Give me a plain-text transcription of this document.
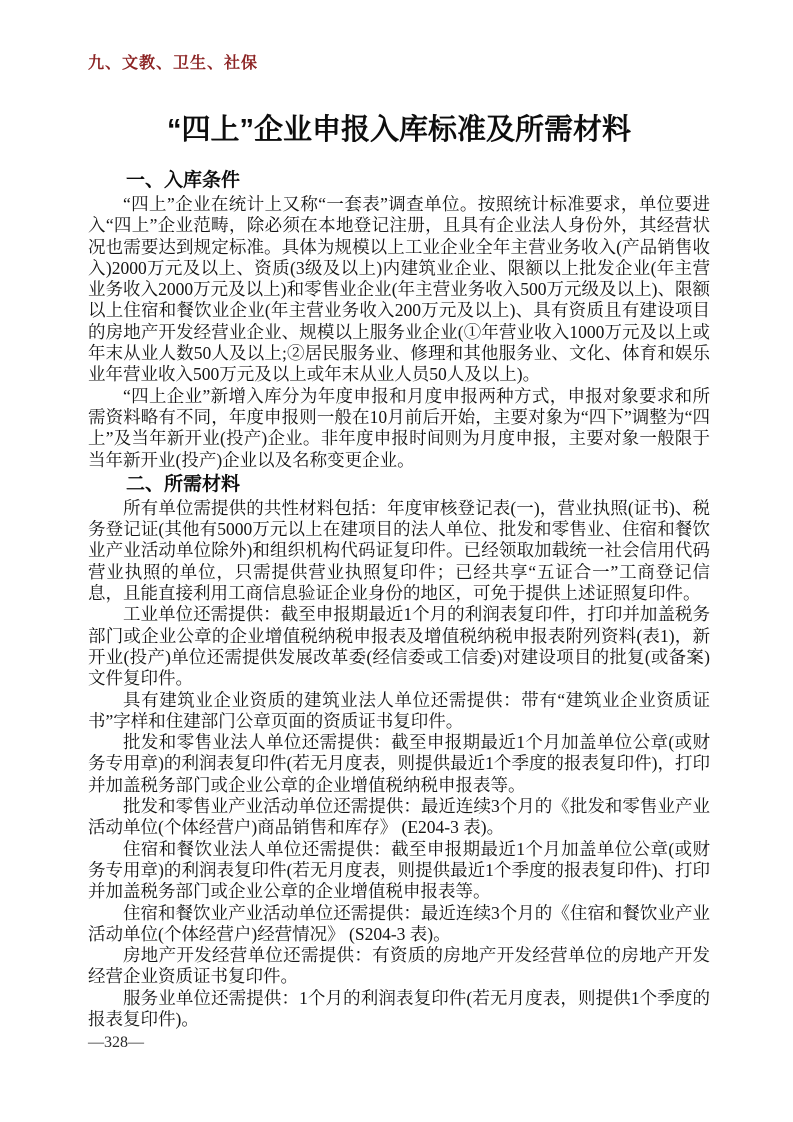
九、文教、卫生、社保
“四上”企业申报入库标准及所需材料
一、入库条件

“四上”企业在统计上又称“一套表”调查单位。按照统计标准要求，单位要进入“四上”企业范畴，除必须在本地登记注册，且具有企业法人身份外，其经营状况也需要达到规定标准。具体为规模以上工业企业全年主营业务收入(产品销售收入)2000万元及以上、资质(3级及以上)内建筑业企业、限额以上批发企业(年主营业务收入2000万元及以上)和零售业企业(年主营业务收入500万元级及以上)、限额以上住宿和餐饮业企业(年主营业务收入200万元及以上)、具有资质且有建设项目的房地产开发经营业企业、规模以上服务业企业(①年营业收入1000万元及以上或年末从业人数50人及以上;②居民服务业、修理和其他服务业、文化、体育和娱乐业年营业收入500万元及以上或年末从业人员50人及以上)。

“四上企业”新增入库分为年度申报和月度申报两种方式，申报对象要求和所需资料略有不同，年度申报则一般在10月前后开始，主要对象为“四下”调整为“四上”及当年新开业(投产)企业。非年度申报时间则为月度申报，主要对象一般限于当年新开业(投产)企业以及名称变更企业。

二、所需材料

所有单位需提供的共性材料包括：年度审核登记表(一)，营业执照(证书)、税务登记证(其他有5000万元以上在建项目的法人单位、批发和零售业、住宿和餐饮业产业活动单位除外)和组织机构代码证复印件。已经领取加载统一社会信用代码营业执照的单位，只需提供营业执照复印件；已经共享“五证合一”工商登记信息，且能直接利用工商信息验证企业身份的地区，可免于提供上述证照复印件。

工业单位还需提供：截至申报期最近1个月的利润表复印件，打印并加盖税务部门或企业公章的企业增值税纳税申报表及增值税纳税申报表附列资料(表1)，新开业(投产)单位还需提供发展改革委(经信委或工信委)对建设项目的批复(或备案)文件复印件。

具有建筑业企业资质的建筑业法人单位还需提供：带有“建筑业企业资质证书”字样和住建部门公章页面的资质证书复印件。

批发和零售业法人单位还需提供：截至申报期最近1个月加盖单位公章(或财务专用章)的利润表复印件(若无月度表，则提供最近1个季度的报表复印件)，打印并加盖税务部门或企业公章的企业增值税纳税申报表等。

批发和零售业产业活动单位还需提供：最近连续3个月的《批发和零售业产业活动单位(个体经营户)商品销售和库存》 (E204-3 表)。

住宿和餐饮业法人单位还需提供：截至申报期最近1个月加盖单位公章(或财务专用章)的利润表复印件(若无月度表，则提供最近1个季度的报表复印件)、打印并加盖税务部门或企业公章的企业增值税申报表等。

住宿和餐饮业产业活动单位还需提供：最近连续3个月的《住宿和餐饮业产业活动单位(个体经营户)经营情况》 (S204-3 表)。

房地产开发经营单位还需提供：有资质的房地产开发经营单位的房地产开发经营企业资质证书复印件。

服务业单位还需提供：1个月的利润表复印件(若无月度表，则提供1个季度的报表复印件)。

—328—
